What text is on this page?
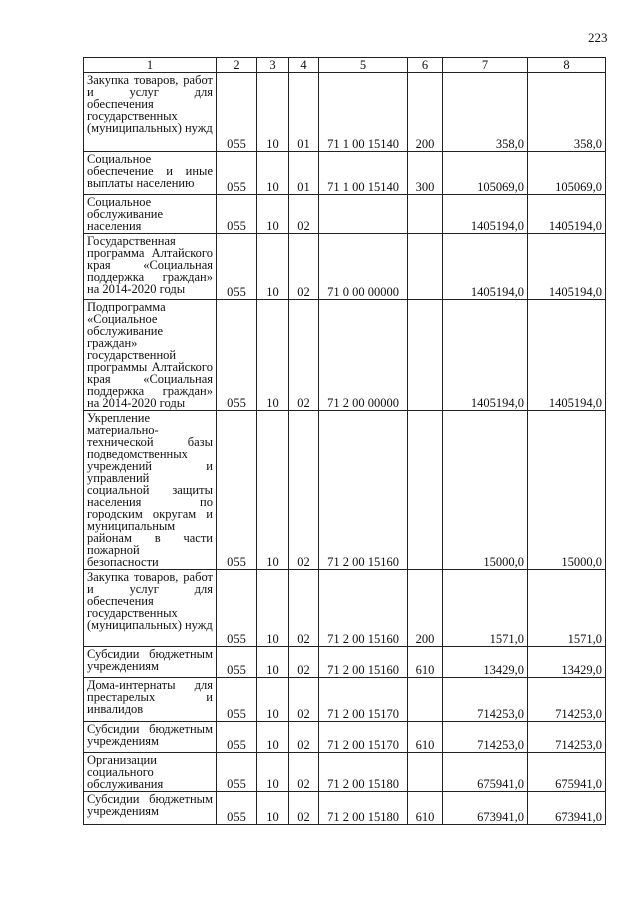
223
1	2	3	4	5	6	7	8
Закупка товаров, работ и услуг для обеспечения государственных (муниципальных) нужд	055	10	01	71 1 00 15140	200	358,0	358,0
Социальное обеспечение и иные выплаты населению	055	10	01	71 1 00 15140	300	105069,0	105069,0
Социальное обслуживание населения	055	10	02			1405194,0	1405194,0
Государственная программа Алтайского края «Социальная поддержка граждан» на 2014-2020 годы	055	10	02	71 0 00 00000		1405194,0	1405194,0
Подпрограмма «Социальное обслуживание граждан» государственной программы Алтайского края «Социальная поддержка граждан» на 2014-2020 годы	055	10	02	71 2 00 00000		1405194,0	1405194,0
Укрепление материально-технической базы подведомственных учреждений и управлений социальной защиты населения по городским округам и муниципальным районам в части пожарной безопасности	055	10	02	71 2 00 15160		15000,0	15000,0
Закупка товаров, работ и услуг для обеспечения государственных (муниципальных) нужд	055	10	02	71 2 00 15160	200	1571,0	1571,0
Субсидии бюджетным учреждениям	055	10	02	71 2 00 15160	610	13429,0	13429,0
Дома-интернаты для престарелых и инвалидов	055	10	02	71 2 00 15170		714253,0	714253,0
Субсидии бюджетным учреждениям	055	10	02	71 2 00 15170	610	714253,0	714253,0
Организации социального обслуживания	055	10	02	71 2 00 15180		675941,0	675941,0
Субсидии бюджетным учреждениям	055	10	02	71 2 00 15180	610	673941,0	673941,0
